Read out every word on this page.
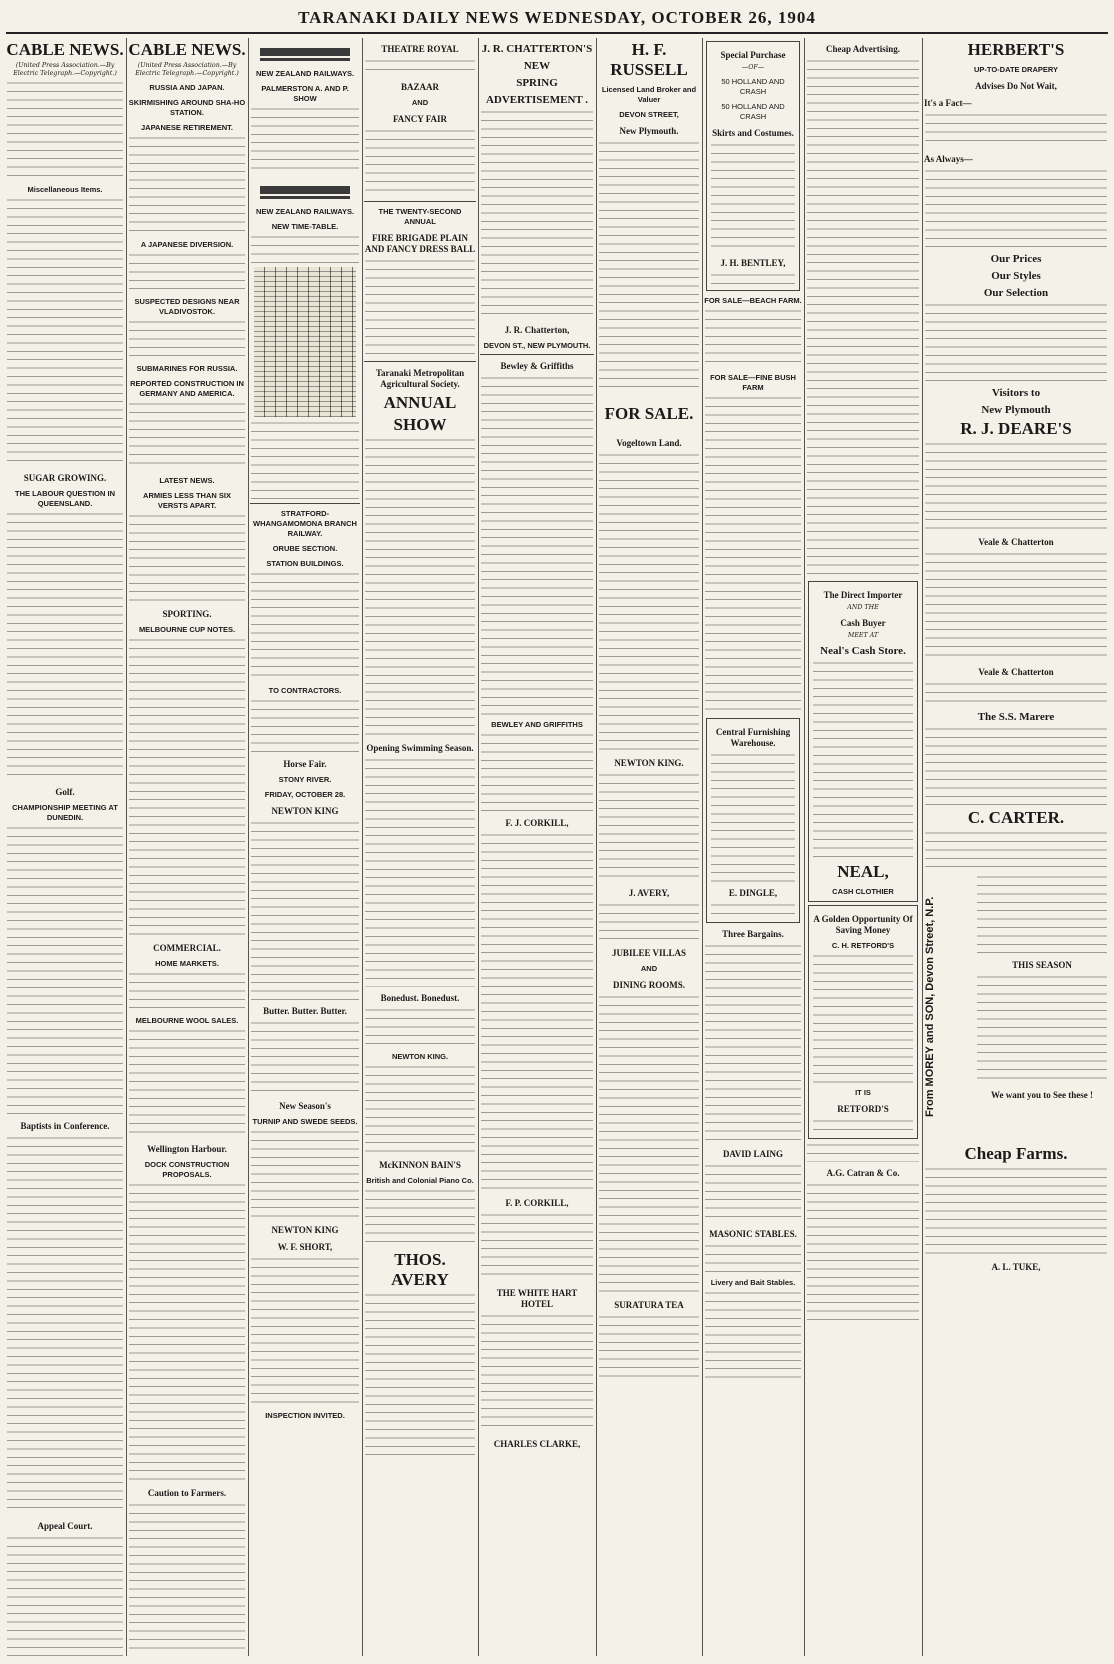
TARANAKI DAILY NEWS WEDNESDAY, OCTOBER 26, 1904
CABLE NEWS.
(United Press Association.—By Electric Telegraph.—Copyright.)
Miscellaneous Items.
SUGAR GROWING.
THE LABOUR QUESTION IN QUEENSLAND.
Golf.
CHAMPIONSHIP MEETING AT DUNEDIN.
Baptists in Conference.
Appeal Court.
CABLE NEWS.
(United Press Association.—By Electric Telegraph.—Copyright.)
RUSSIA AND JAPAN.
SKIRMISHING AROUND SHA-HO STATION.
JAPANESE RETIREMENT.
A JAPANESE DIVERSION.
SUSPECTED DESIGNS NEAR VLADIVOSTOK.
SUBMARINES FOR RUSSIA.
REPORTED CONSTRUCTION IN GERMANY AND AMERICA.
LATEST NEWS.
ARMIES LESS THAN SIX VERSTS APART.
SPORTING.
MELBOURNE CUP NOTES.
COMMERCIAL.
HOME MARKETS.
MELBOURNE WOOL SALES.
Wellington Harbour.
DOCK CONSTRUCTION PROPOSALS.
Caution to Farmers.
NEW ZEALAND RAILWAYS.
PALMERSTON A. AND P. SHOW
NEW ZEALAND RAILWAYS.
NEW TIME-TABLE.
STRATFORD-WHANGAMOMONA BRANCH RAILWAY.
ORUBE SECTION.
STATION BUILDINGS.
TO CONTRACTORS.
Horse Fair.
STONY RIVER.
FRIDAY, OCTOBER 28.
NEWTON KING
Butter. Butter. Butter.
New Season's
TURNIP AND SWEDE SEEDS.
NEWTON KING
W. F. SHORT,
INSPECTION INVITED.
THEATRE ROYAL
BAZAAR
AND
FANCY FAIR
THE TWENTY-SECOND ANNUAL
FIRE BRIGADE PLAIN AND FANCY DRESS BALL
Taranaki Metropolitan Agricultural Society.
ANNUAL
SHOW
Opening Swimming Season.
Bonedust. Bonedust.
NEWTON KING.
McKINNON BAIN'S
British and Colonial Piano Co.
THOS. AVERY
J. R. CHATTERTON'S
NEW
SPRING
ADVERTISEMENT .
J. R. Chatterton,
DEVON ST., NEW PLYMOUTH.
Bewley & Griffiths
BEWLEY AND GRIFFITHS
F. J. CORKILL,
F. P. CORKILL,
THE WHITE HART HOTEL
CHARLES CLARKE,
H. F. RUSSELL
Licensed Land Broker and Valuer
DEVON STREET,
New Plymouth.
FOR SALE.
Vogeltown Land.
NEWTON KING.
J. AVERY,
JUBILEE VILLAS
AND
DINING ROOMS.
SURATURA TEA
Special Purchase
—OF—
50 HOLLAND AND CRASH
50 HOLLAND AND CRASH
Skirts and Costumes.
J. H. BENTLEY,
FOR SALE—BEACH FARM.
FOR SALE—FINE BUSH FARM
Central Furnishing Warehouse.
E. DINGLE,
Three Bargains.
DAVID LAING
MASONIC STABLES.
Livery and Bait Stables.
Cheap Advertising.
The Direct Importer
AND THE
Cash Buyer
MEET AT
Neal's Cash Store.
NEAL,
CASH CLOTHIER
A Golden Opportunity Of Saving Money
C. H. RETFORD'S
IT IS
RETFORD'S
A.G. Catran & Co.
HERBERT'S
UP-TO-DATE DRAPERY
Advises Do Not Wait,
It's a Fact—
As Always—
Our Prices
Our Styles
Our Selection
Visitors to
New Plymouth
R. J. DEARE'S
Veale & Chatterton
Veale & Chatterton
The S.S. Marere
C. CARTER.
From MOREY and SON, Devon Street, N.P.	THIS SEASON
We want you to See these !
Cheap Farms.
A. L. TUKE,
